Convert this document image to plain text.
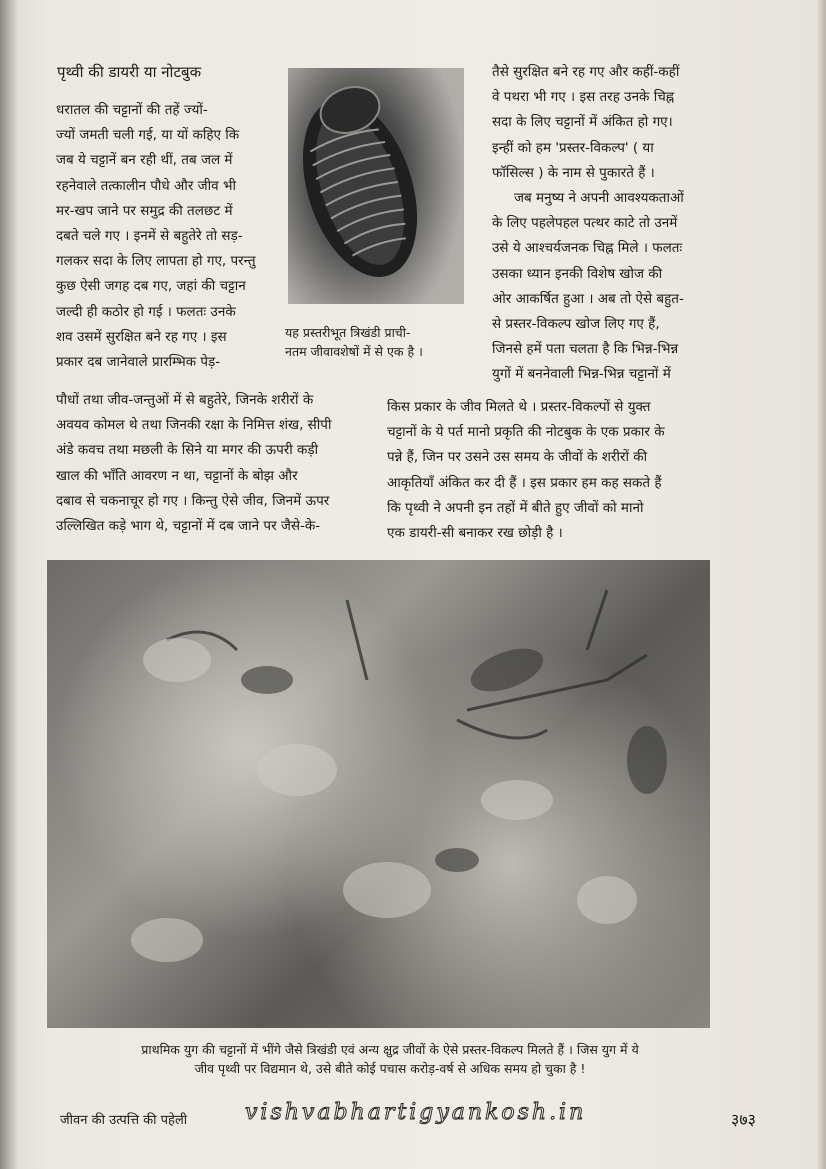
पृथ्वी की डायरी या नोटबुक

धरातल की चट्टानों की तहें ज्यों-

ज्यों जमती चली गई, या यों कहिए कि

जब ये चट्टानें बन रही थीं, तब जल में

रहनेवाले तत्कालीन पौधे और जीव भी

मर-खप जाने पर समुद्र की तलछट में

दबते चले गए । इनमें से बहुतेरे तो सड़-

गलकर सदा के लिए लापता हो गए, परन्तु

कुछ ऐसी जगह दब गए, जहां की चट्टान

जल्दी ही कठोर हो गई । फलतः उनके

शव उसमें सुरक्षित बने रह गए । इस

प्रकार दब जानेवाले प्रारम्भिक पेड़-

यह प्रस्तरीभूत त्रिखंडी प्राची-

नतम जीवावशेषों में से एक है ।

तैसे सुरक्षित बने रह गए और कहीं-कहीं

वे पथरा भी गए । इस तरह उनके चिह्न

सदा के लिए चट्टानों में अंकित हो गए।

इन्हीं को हम 'प्रस्तर-विकल्प' ( या

फॉसिल्स ) के नाम से पुकारते हैं ।

जब मनुष्य ने अपनी आवश्यकताओं

के लिए पहलेपहल पत्थर काटे तो उनमें

उसे ये आश्चर्यजनक चिह्न मिले । फलतः

उसका ध्यान इनकी विशेष खोज की

ओर आकर्षित हुआ । अब तो ऐसे बहुत-

से प्रस्तर-विकल्प खोज लिए गए हैं,

जिनसे हमें पता चलता है कि भिन्न-भिन्न

युगों में बननेवाली भिन्न-भिन्न चट्टानों में

पौधों तथा जीव-जन्तुओं में से बहुतेरे, जिनके शरीरों के

अवयव कोमल थे तथा जिनकी रक्षा के निमित्त शंख, सीपी

अंडे कवच तथा मछली के सिने या मगर की ऊपरी कड़ी

खाल की भाँति आवरण न था, चट्टानों के बोझ और

दबाव से चकनाचूर हो गए । किन्तु ऐसे जीव, जिनमें ऊपर

उल्लिखित कड़े भाग थे, चट्टानों में दब जाने पर जैसे-के-

किस प्रकार के जीव मिलते थे । प्रस्तर-विकल्पों से युक्त

चट्टानों के ये पर्त मानो प्रकृति की नोटबुक के एक प्रकार के

पन्ने हैं, जिन पर उसने उस समय के जीवों के शरीरों की

आकृतियाँ अंकित कर दी हैं । इस प्रकार हम कह सकते हैं

कि पृथ्वी ने अपनी इन तहों में बीते हुए जीवों को मानो

एक डायरी-सी बनाकर रख छोड़ी है ।

प्राथमिक युग की चट्टानों में भींगे जैसे त्रिखंडी एवं अन्य क्षुद्र जीवों के ऐसे प्रस्तर-विकल्प मिलते हैं । जिस युग में ये

जीव पृथ्वी पर विद्यमान थे, उसे बीते कोई पचास करोड़-वर्ष से अधिक समय हो चुका है !

जीवन की उत्पत्ति की पहेली	vishvabhartigyankosh.in	३७३
